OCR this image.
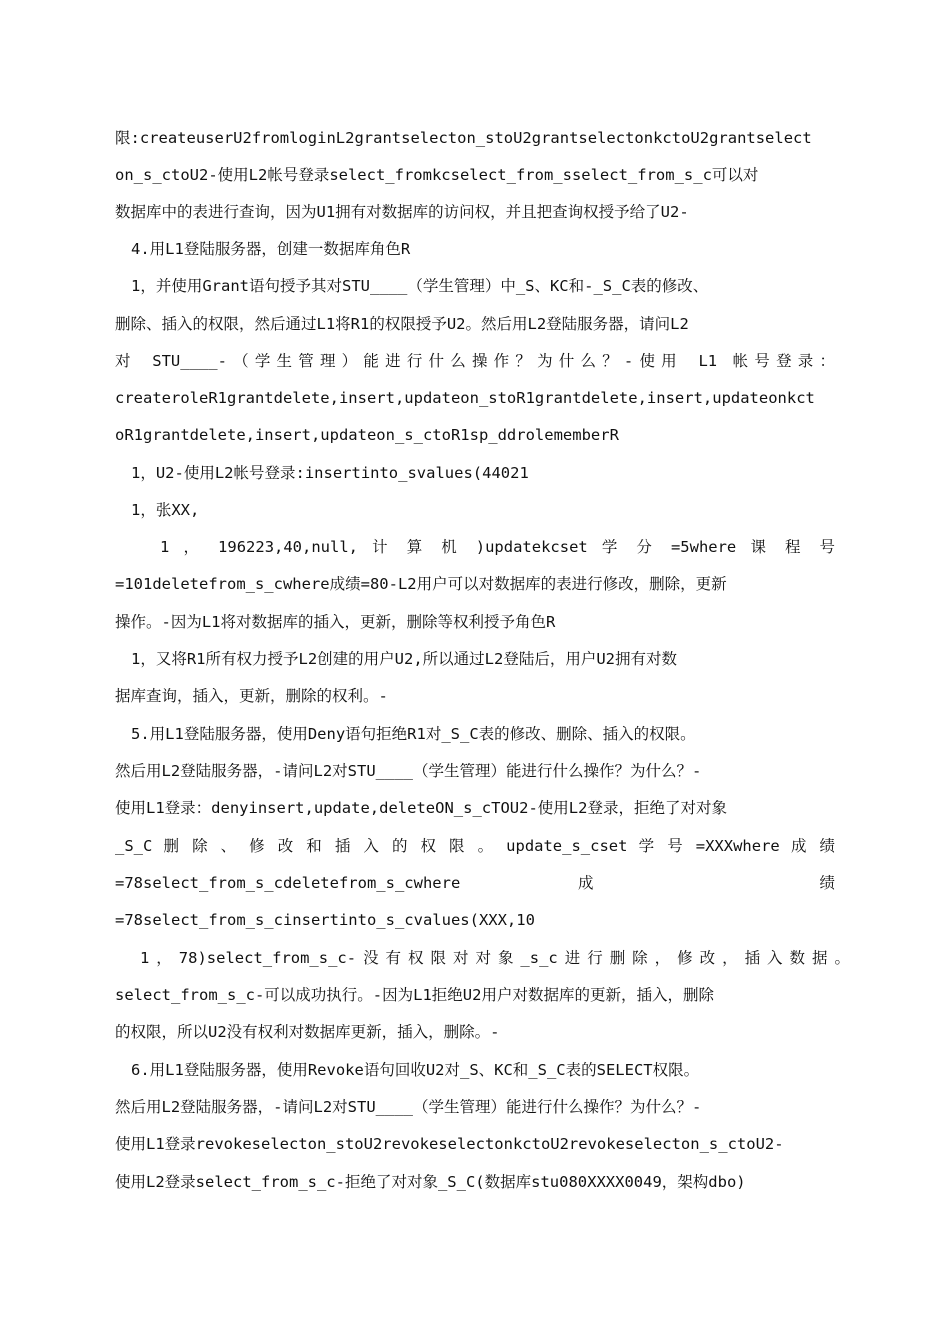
限:createuserU2fromloginL2grantselecton_stoU2grantselectonkctoU2grantselect
on_s_ctoU2-使用L2帐号登录select_fromkcselect_from_sselect_from_s_c可以对
数据库中的表进行查询，因为U1拥有对数据库的访问权，并且把查询权授予给了U2-
4.用L1登陆服务器，创建一数据库角色R
1，并使用Grant语句授予其对STU____（学生管理）中_S、KC和-_S_C表的修改、
删除、插入的权限，然后通过L1将R1的权限授予U2。然后用L2登陆服务器，请问L2
对 STU____-（学生管理）能进行什么操作？为什么？-使用 L1 帐号登录：
createroleR1grantdelete,insert,updateon_stoR1grantdelete,insert,updateonkct
oR1grantdelete,insert,updateon_s_ctoR1sp_ddrolememberR
1，U2-使用L2帐号登录:insertinto_svalues(44021
1，张XX,
1 ， 196223,40,null, 计 算 机 )updatekcset 学 分 =5where 课 程 号
=101deletefrom_s_cwhere成绩=80-L2用户可以对数据库的表进行修改，删除，更新
操作。-因为L1将对数据库的插入，更新，删除等权利授予角色R
1，又将R1所有权力授予L2创建的用户U2,所以通过L2登陆后，用户U2拥有对数
据库查询，插入，更新，删除的权利。-
5.用L1登陆服务器，使用Deny语句拒绝R1对_S_C表的修改、删除、插入的权限。
然后用L2登陆服务器，-请问L2对STU____（学生管理）能进行什么操作？为什么？-
使用L1登录：denyinsert,update,deleteON_s_cTOU2-使用L2登录，拒绝了对对象
_S_C 删 除 、 修 改 和 插 入 的 权 限 。 update_s_cset 学 号 =XXXwhere 成 绩
=78select_from_s_cdeletefrom_s_cwhere 成 绩
=78select_from_s_cinsertinto_s_cvalues(XXX,10
1，78)select_from_s_c-没有权限对对象_s_c进行删除，修改，插入数据。
select_from_s_c-可以成功执行。-因为L1拒绝U2用户对数据库的更新，插入，删除
的权限，所以U2没有权利对数据库更新，插入，删除。-
6.用L1登陆服务器，使用Revoke语句回收U2对_S、KC和_S_C表的SELECT权限。
然后用L2登陆服务器，-请问L2对STU____（学生管理）能进行什么操作？为什么？-
使用L1登录revokeselecton_stoU2revokeselectonkctoU2revokeselecton_s_ctoU2-
使用L2登录select_from_s_c-拒绝了对对象_S_C(数据库stu080XXXX0049，架构dbo)
